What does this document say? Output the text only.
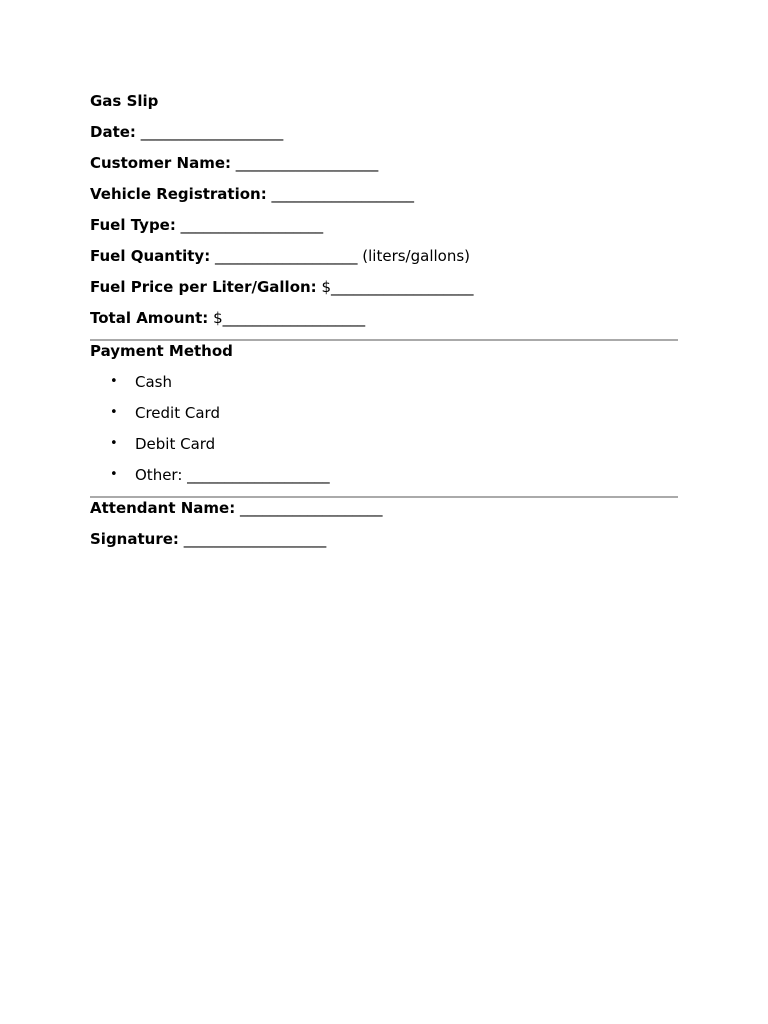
Gas Slip
Date: ___________________
Customer Name: ___________________
Vehicle Registration: ___________________
Fuel Type: ___________________
Fuel Quantity: ___________________ (liters/gallons)
Fuel Price per Liter/Gallon: $___________________
Total Amount: $___________________
Payment Method
• Cash
• Credit Card
• Debit Card
• Other: ___________________
Attendant Name: ___________________
Signature: ___________________
